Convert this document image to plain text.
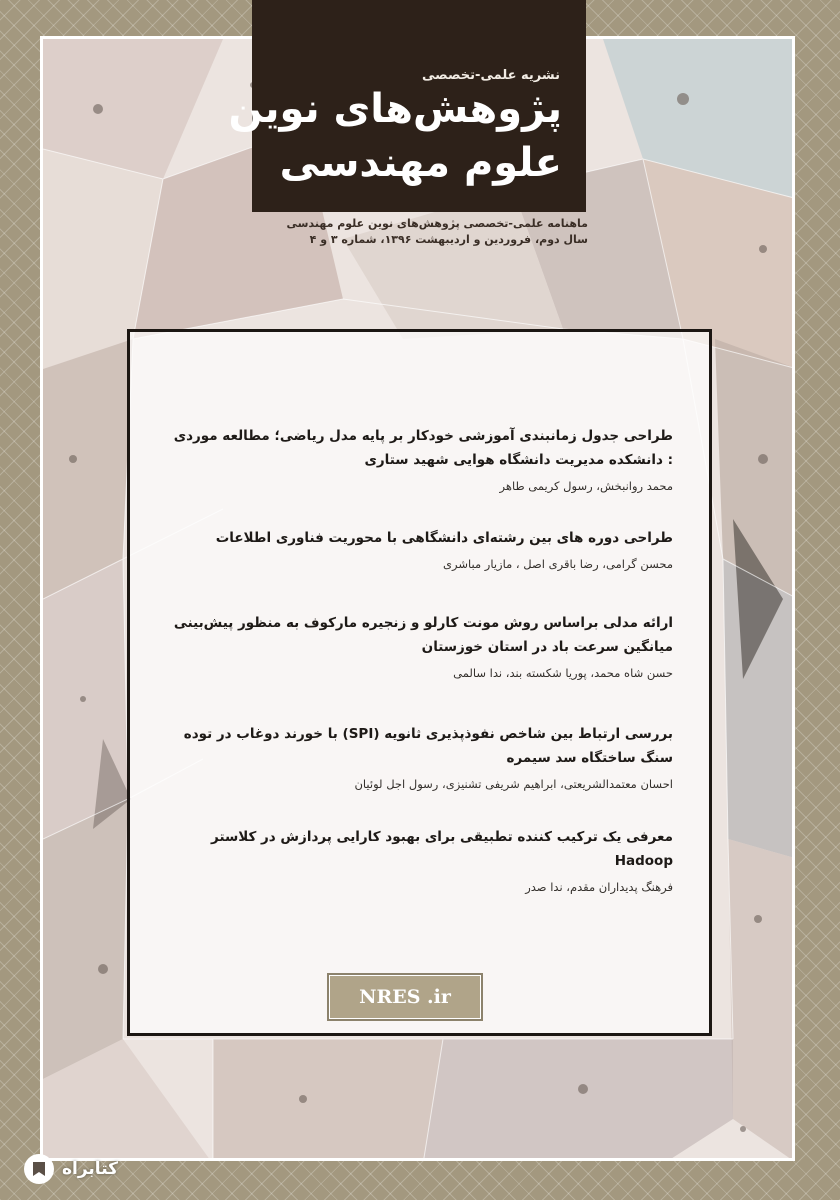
نشریه علمی-تخصصی
پژوهش‌های نوین
علوم مهندسی
ماهنامه علمی-تخصصی پژوهش‌های نوین علوم مهندسی
سال دوم، فروردین و اردیبهشت ۱۳۹۶، شماره ۳ و ۴
طراحی جدول زمانبندی آموزشی خودکار بر پایه مدل ریاضی؛ مطالعه موردی : دانشکده مدیریت دانشگاه هوایی شهید ستاری
محمد روانبخش، رسول کریمی طاهر
طراحی دوره های بین رشته‌ای دانشگاهی با محوریت فناوری اطلاعات
محسن گرامی، رضا باقری اصل ، مازیار مباشری
ارائه مدلی براساس روش مونت کارلو و زنجیره مارکوف به منظور پیش‌بینی میانگین سرعت باد در استان خوزستان
حسن شاه محمد، پوریا شکسته بند، ندا سالمی
بررسی ارتباط بین شاخص نفوذپذیری ثانویه (SPI) با خورند دوغاب در توده سنگ ساختگاه سد سیمره
احسان معتمدالشریعتی، ابراهیم شریفی تشنیزی، رسول اجل لوئیان
معرفی یک ترکیب کننده تطبیقی برای بهبود کارایی پردازش در کلاستر Hadoop
فرهنگ پدیداران مقدم، ندا صدر
NRES .ir
کتابراه
